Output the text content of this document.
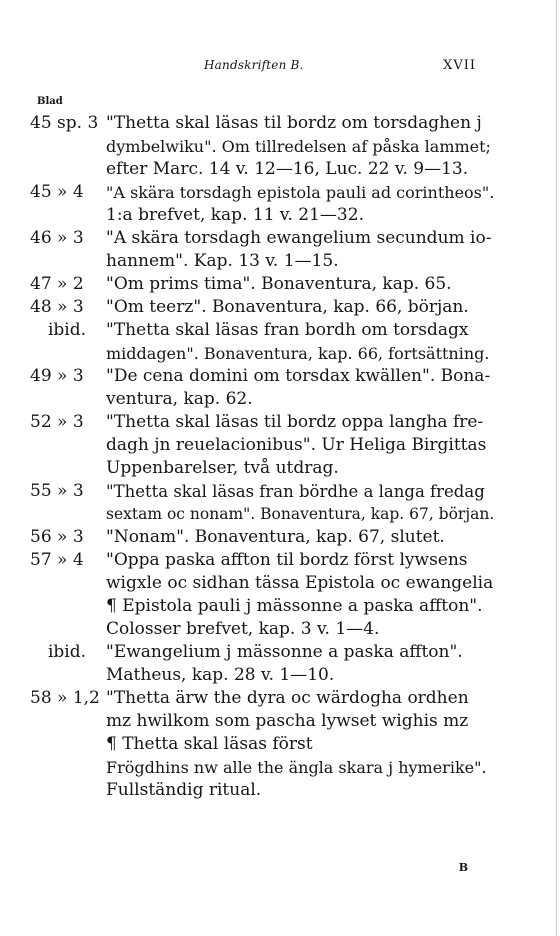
Handskriften B.	XVII
Blad
45 sp. 3 "Thetta skal läsas til bordz om torsdaghen j
dymbelwiku". Om tillredelsen af påska lammet;
efter Marc. 14 v. 12—16, Luc. 22 v. 9—13.
45 » 4	"A skära torsdagh epistola pauli ad corintheos".
1:a brefvet, kap. 11 v. 21—32.
46 » 3	"A skära torsdagh ewangelium secundum io-
hannem". Kap. 13 v. 1—15.
47 » 2	"Om prims tima". Bonaventura, kap. 65.
48 » 3	"Om teerz". Bonaventura, kap. 66, början.
ibid.	"Thetta skal läsas fran bordh om torsdagx
middagen". Bonaventura, kap. 66, fortsättning.
49 » 3	"De cena domini om torsdax kwällen". Bona-
ventura, kap. 62.
52 » 3	"Thetta skal läsas til bordz oppa langha fre-
dagh jn reuelacionibus". Ur Heliga Birgittas
Uppenbarelser, två utdrag.
55 » 3	"Thetta skal läsas fran bördhe a langa fredag
sextam oc nonam". Bonaventura, kap. 67, början.
56 » 3	"Nonam". Bonaventura, kap. 67, slutet.
57 » 4	"Oppa paska affton til bordz först lywsens
wigxle oc sidhan tässa Epistola oc ewangelia
¶ Epistola pauli j mässonne a paska affton".
Colosser brefvet, kap. 3 v. 1—4.
ibid.	"Ewangelium j mässonne a paska affton".
Matheus, kap. 28 v. 1—10.
58 » 1,2 "Thetta ärw the dyra oc wärdogha ordhen
mz hwilkom som pascha lywset wighis mz
¶ Thetta skal läsas först
Frögdhins nw alle the ängla skara j hymerike".
Fullständig ritual.
B
